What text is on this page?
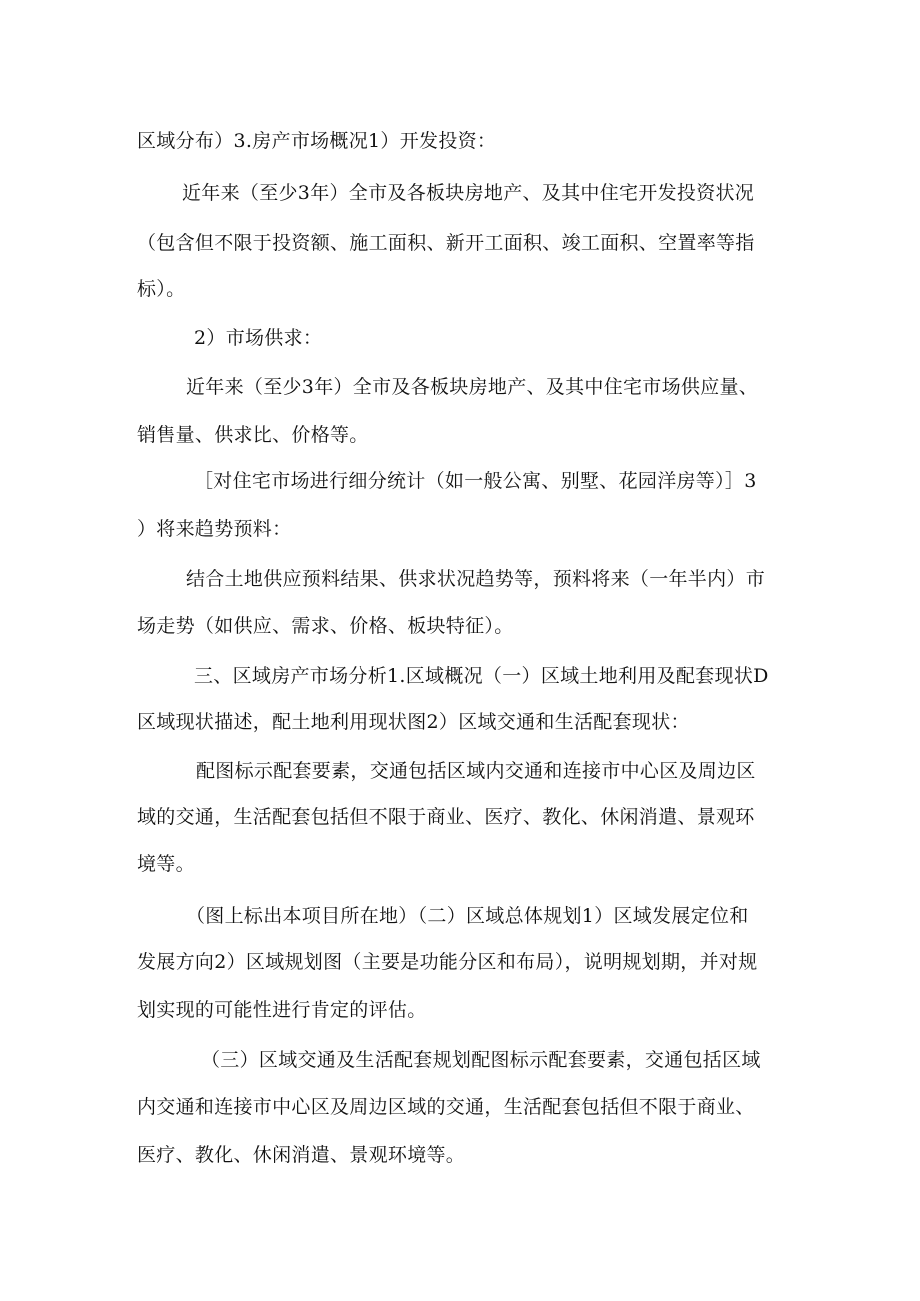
区域分布）3.房产市场概况1）开发投资：
近年来（至少3年）全市及各板块房地产、及其中住宅开发投资状况
（包含但不限于投资额、施工面积、新开工面积、竣工面积、空置率等指
标）。
2）市场供求：
近年来（至少3年）全市及各板块房地产、及其中住宅市场供应量、
销售量、供求比、价格等。
［对住宅市场进行细分统计（如一般公寓、别墅、花园洋房等）］3
）将来趋势预料：
结合土地供应预料结果、供求状况趋势等，预料将来（一年半内）市
场走势（如供应、需求、价格、板块特征）。
三、区域房产市场分析1.区域概况（一）区域土地利用及配套现状D
区域现状描述，配土地利用现状图2）区域交通和生活配套现状：
配图标示配套要素，交通包括区域内交通和连接市中心区及周边区
域的交通，生活配套包括但不限于商业、医疗、教化、休闲消遣、景观环
境等。
（图上标出本项目所在地）（二）区域总体规划1）区域发展定位和
发展方向2）区域规划图（主要是功能分区和布局），说明规划期，并对规
划实现的可能性进行肯定的评估。
（三）区域交通及生活配套规划配图标示配套要素，交通包括区域
内交通和连接市中心区及周边区域的交通，生活配套包括但不限于商业、
医疗、教化、休闲消遣、景观环境等。
